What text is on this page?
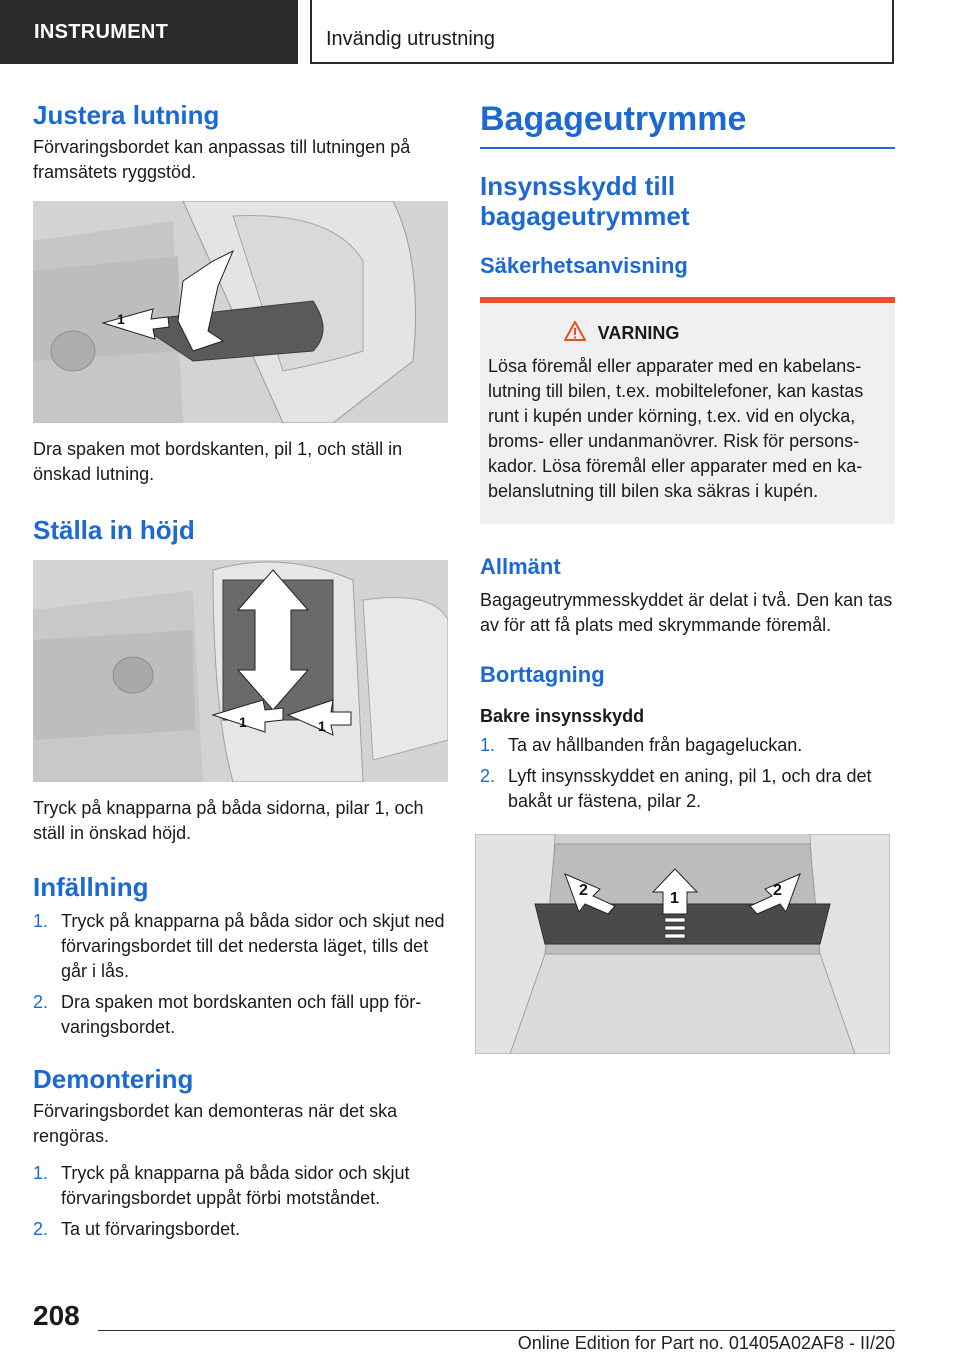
INSTRUMENT	Invändig utrustning
Justera lutning

Förvaringsbordet kan anpassas till lutningen på framsätets ryggstöd.

1

Dra spaken mot bordskanten, pil 1, och ställ in önskad lutning.

Ställa in höjd
1	1

Tryck på knapparna på båda sidorna, pilar 1, och ställ in önskad höjd.

Infällning
1. Tryck på knapparna på båda sidor och skjut ned förvaringsbordet till det nedersta läget, tills det går i lås.
2. Dra spaken mot bordskanten och fäll upp för- varingsbordet.
Demontering

Förvaringsbordet kan demonteras när det ska rengöras.

1. Tryck på knapparna på båda sidor och skjut förvaringsbordet uppåt förbi motståndet.
2. Ta ut förvaringsbordet.
Bagageutrymme
Insynsskydd till bagageutrymmet
Säkerhetsanvisning
VARNING

Lösa föremål eller apparater med en kabelans- lutning till bilen, t.ex. mobiltelefoner, kan kastas runt i kupén under körning, t.ex. vid en olycka, broms- eller undanmanövrer. Risk för persons- kador. Lösa föremål eller apparater med en ka- belanslutning till bilen ska säkras i kupén.

Allmänt

Bagageutrymmesskyddet är delat i två. Den kan tas av för att få plats med skrymmande föremål.

Borttagning
Bakre insynsskydd
1. Ta av hållbanden från bagageluckan.
2. Lyft insynsskyddet en aning, pil 1, och dra det bakåt ur fästena, pilar 2.
2	1	2
208
Online Edition for Part no. 01405A02AF8 - II/20
